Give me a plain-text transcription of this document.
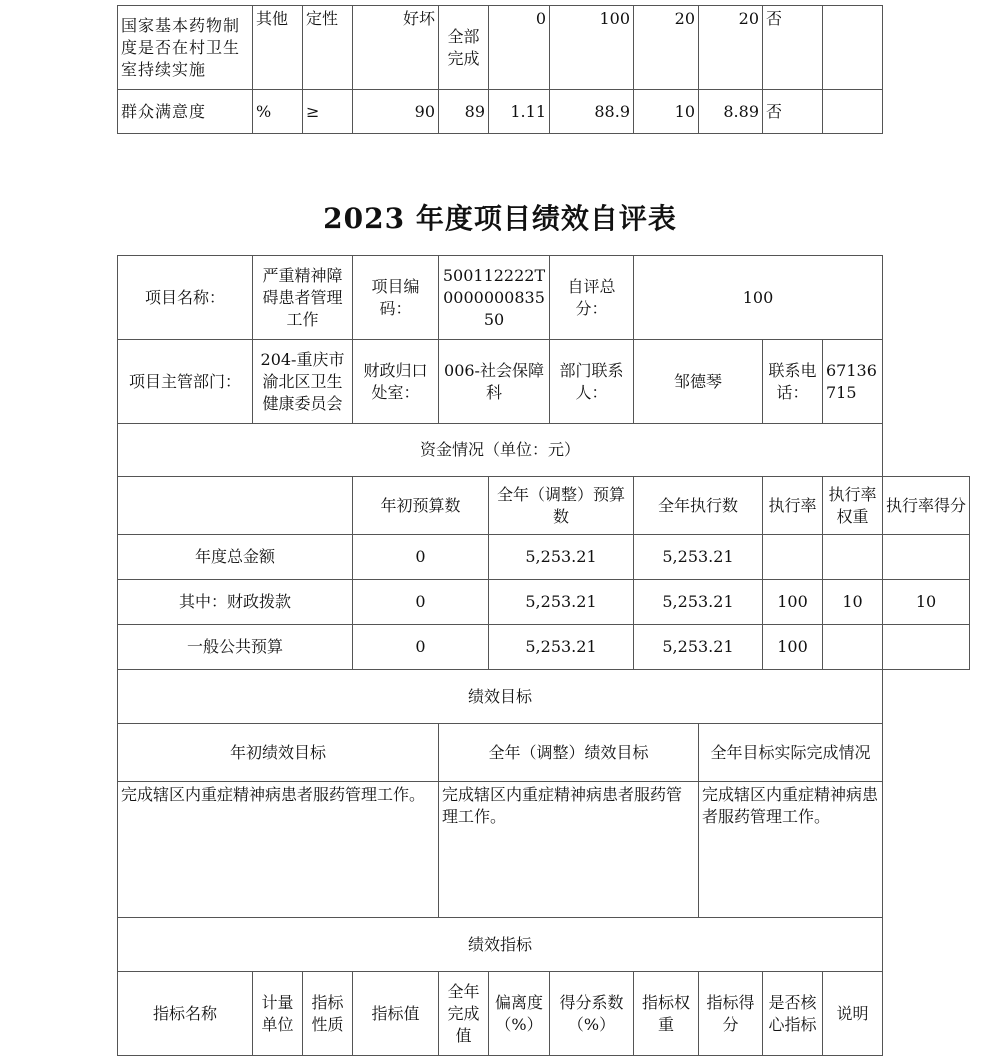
国家基本药物制度是否在村卫生室持续实施	其他	定性	好坏	全部完成	0	100	20	20	否	
群众满意度	%	≥	90	89	1.11	88.9	10	8.89	否	
2023 年度项目绩效自评表
项目名称：	严重精神障碍患者管理工作		项目编码：	500112222T000000083550		自评总分：	100				
项目主管部门：	204-重庆市渝北区卫生健康委员会		财政归口处室：	006-社会保障科		部门联系人：	邹德琴		联系电话：	67136715	
资金情况（单位：元）											
			年初预算数		全年（调整）预算数		全年执行数		执行率	执行率权重	执行率得分
年度总金额			0		5,253.21		5,253.21				
其中：财政拨款			0		5,253.21		5,253.21		100	10	10
一般公共预算			0		5,253.21		5,253.21		100		
绩效目标											
年初绩效目标				全年（调整）绩效目标				全年目标实际完成情况			
完成辖区内重症精神病患者服药管理工作。				完成辖区内重症精神病患者服药管理工作。				完成辖区内重症精神病患者服药管理工作。			
绩效指标											
指标名称	计量单位	指标性质	指标值	全年完成值	偏离度（%）	得分系数（%）	指标权重	指标得分	是否核心指标	说明	
